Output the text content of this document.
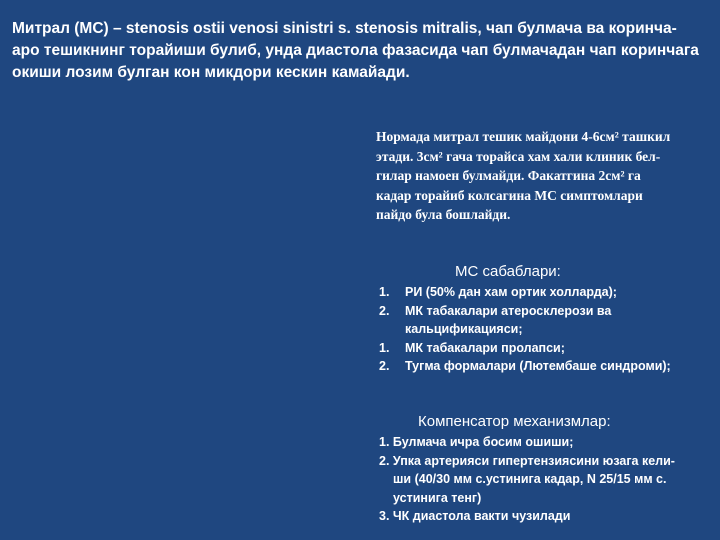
Митрал (МС) – stenosis ostii venosi sinistri s. stenosis mitralis, чап булмача ва коринча-
аро тешикнинг торайиши булиб, унда диастола фазасида чап булмачадан чап коринчага
окиши лозим булган кон микдори кескин камайади.
Нормада митрал тешик майдони 4-6см² ташкил
этади. 3см² гача торайса хам хали клиник бел-
гилар намоен булмайди. Факатгина 2см² га
кадар торайиб колсагина МС симптомлари
пайдо була бошлайди.
МС сабаблари:
1. РИ (50% дан хам ортик холларда);
2. МК табакалари атеросклерози ва
кальцификацияси;
1. МК табакалари пролапси;
2. Тугма формалари (Лютембаше синдроми);
Компенсатор механизмлар:
1. Булмача ичра босим ошиши;
2. Упка артерияси гипертензиясини юзага кели-
ши (40/30 мм с.устинига кадар, N 25/15 мм с.
устинига тенг)
3. ЧК диастола вакти чузилади
